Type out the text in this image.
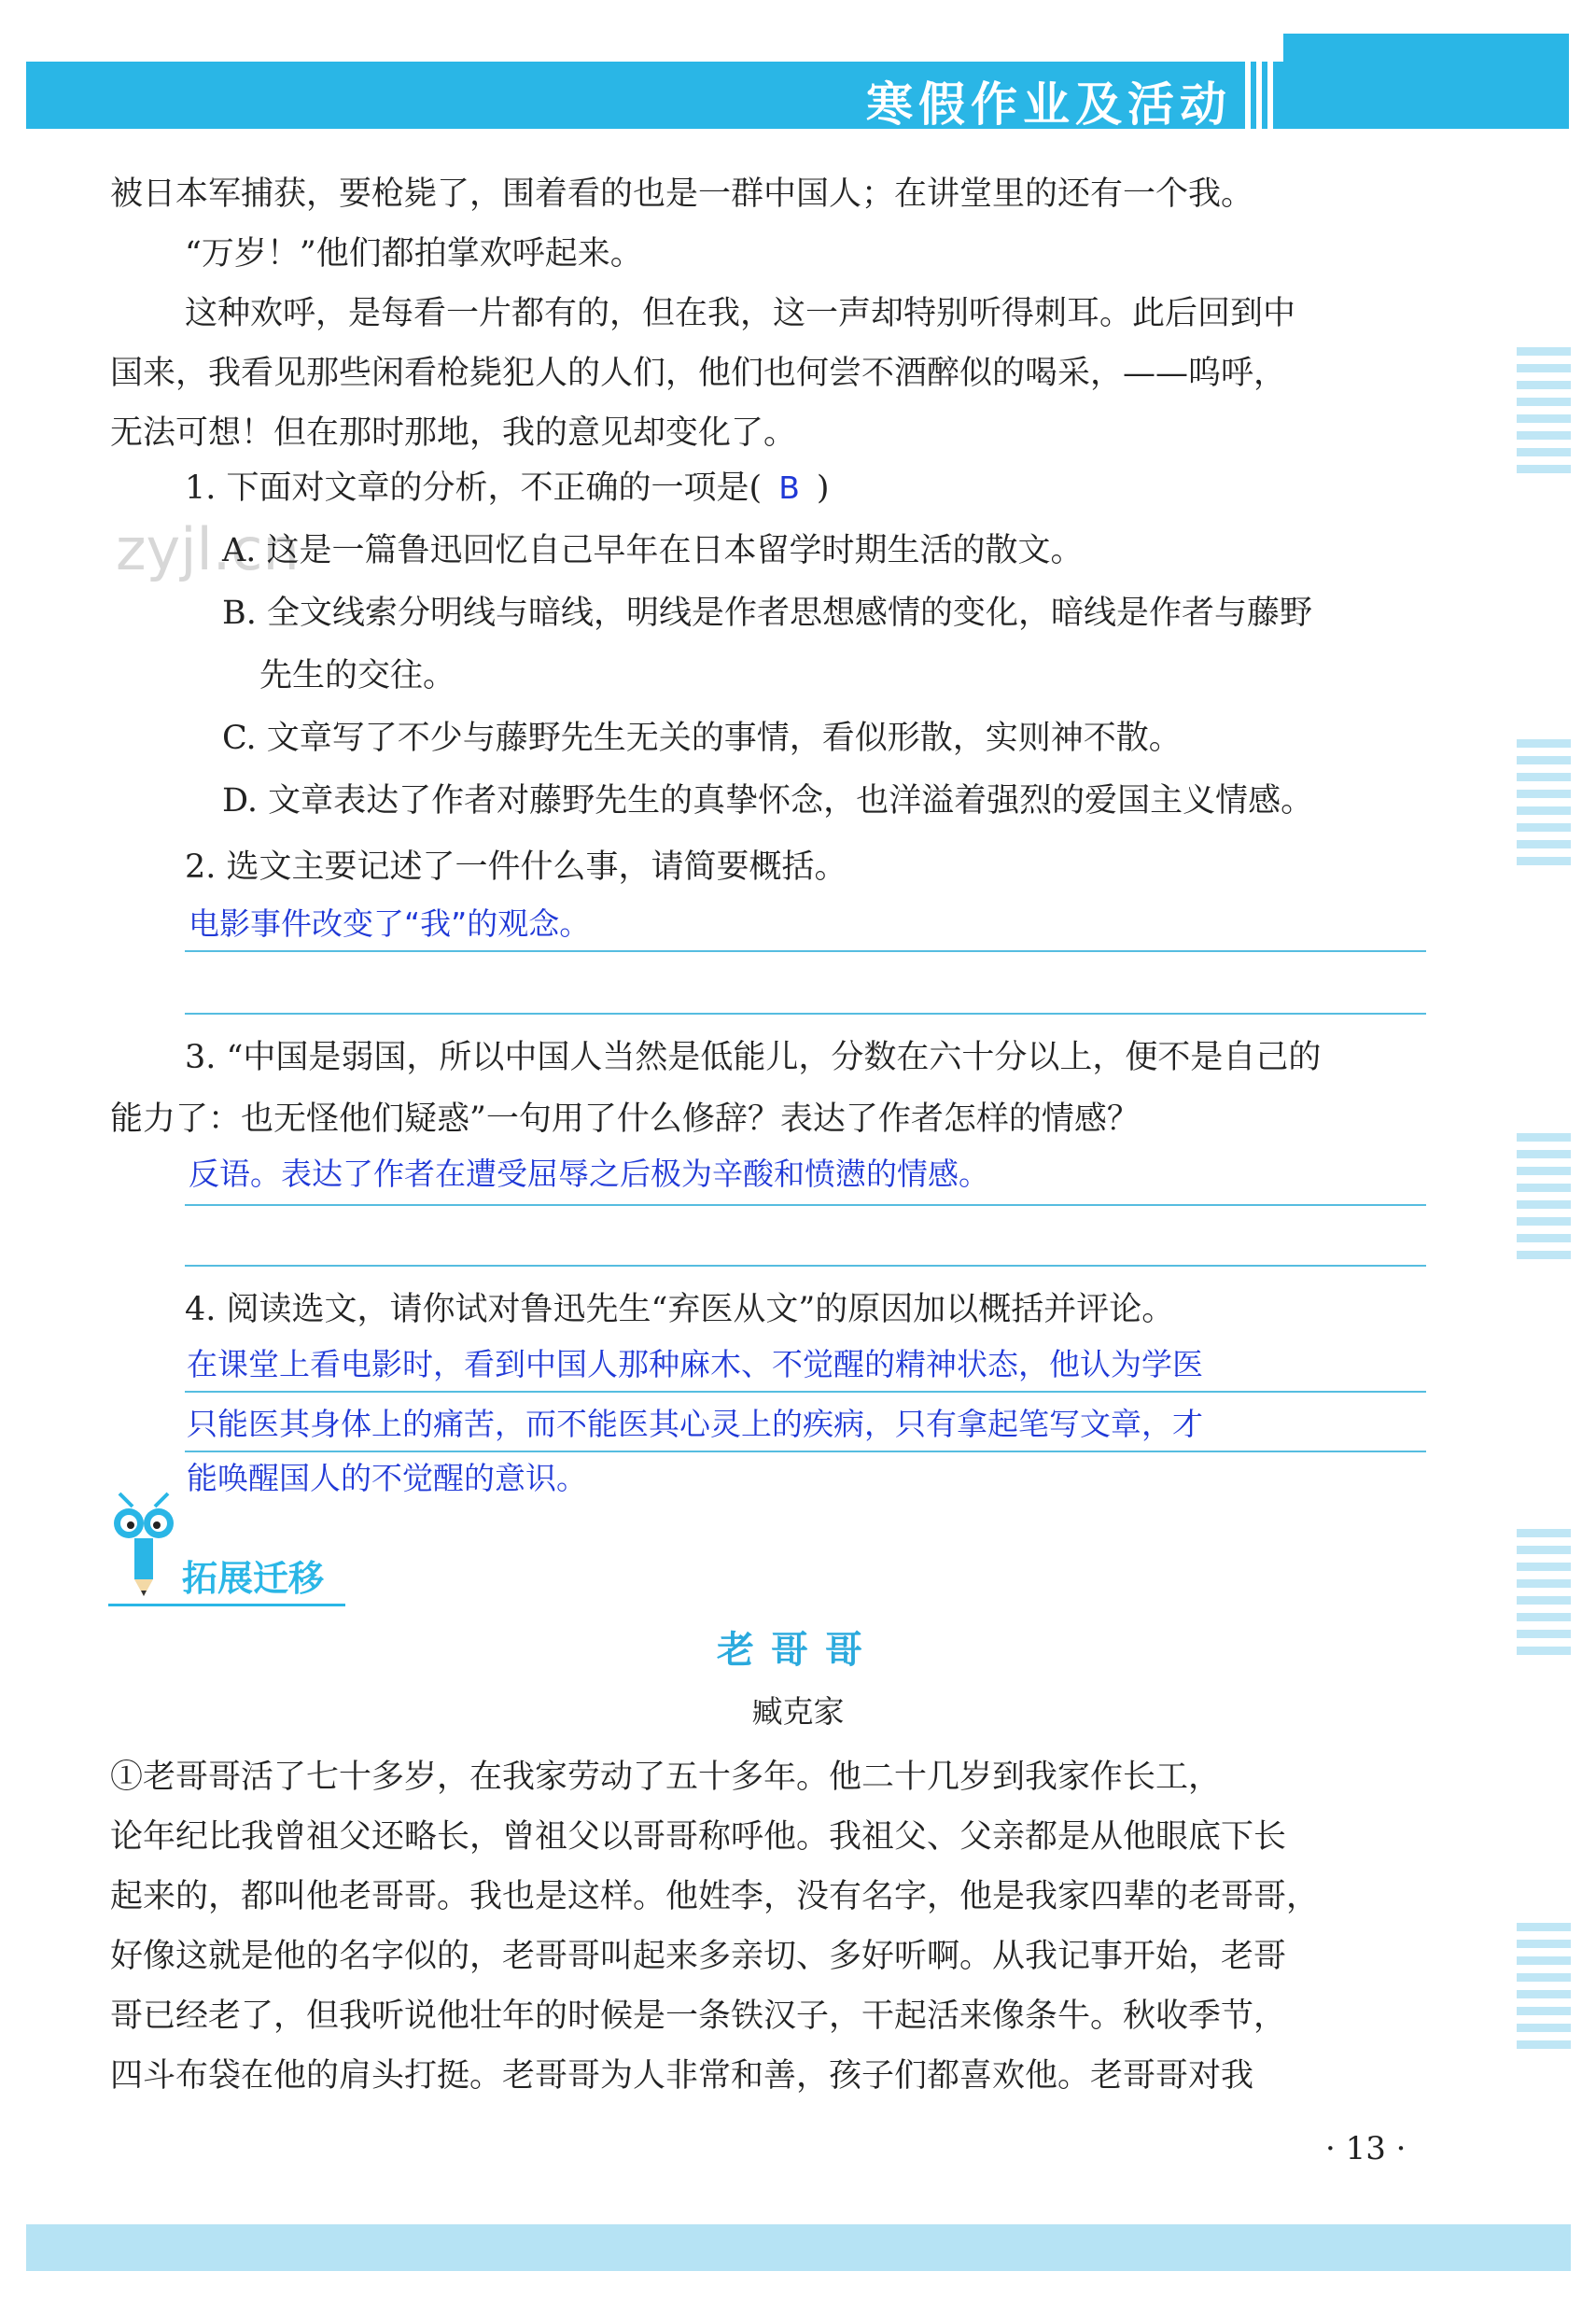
寒假作业及活动
被日本军捕获，要枪毙了，围着看的也是一群中国人；在讲堂里的还有一个我。
“万岁！”他们都拍掌欢呼起来。
这种欢呼，是每看一片都有的，但在我，这一声却特别听得刺耳。此后回到中
国来，我看见那些闲看枪毙犯人的人们，他们也何尝不酒醉似的喝采，——呜呼，
无法可想！但在那时那地，我的意见却变化了。
zyjl.cn
1. 下面对文章的分析，不正确的一项是( B )
A. 这是一篇鲁迅回忆自己早年在日本留学时期生活的散文。
B. 全文线索分明线与暗线，明线是作者思想感情的变化，暗线是作者与藤野
先生的交往。
C. 文章写了不少与藤野先生无关的事情，看似形散，实则神不散。
D. 文章表达了作者对藤野先生的真挚怀念，也洋溢着强烈的爱国主义情感。
2. 选文主要记述了一件什么事，请简要概括。
电影事件改变了“我”的观念。
3. “中国是弱国，所以中国人当然是低能儿，分数在六十分以上，便不是自己的
能力了：也无怪他们疑惑”一句用了什么修辞？表达了作者怎样的情感？
反语。表达了作者在遭受屈辱之后极为辛酸和愤懑的情感。
4. 阅读选文，请你试对鲁迅先生“弃医从文”的原因加以概括并评论。
在课堂上看电影时，看到中国人那种麻木、不觉醒的精神状态，他认为学医
只能医其身体上的痛苦，而不能医其心灵上的疾病，只有拿起笔写文章，才
能唤醒国人的不觉醒的意识。
拓展迁移
老哥哥
臧克家
①老哥哥活了七十多岁，在我家劳动了五十多年。他二十几岁到我家作长工，
论年纪比我曾祖父还略长，曾祖父以哥哥称呼他。我祖父、父亲都是从他眼底下长
起来的，都叫他老哥哥。我也是这样。他姓李，没有名字，他是我家四辈的老哥哥，
好像这就是他的名字似的，老哥哥叫起来多亲切、多好听啊。从我记事开始，老哥
哥已经老了，但我听说他壮年的时候是一条铁汉子，干起活来像条牛。秋收季节，
四斗布袋在他的肩头打挺。老哥哥为人非常和善，孩子们都喜欢他。老哥哥对我
· 13 ·
